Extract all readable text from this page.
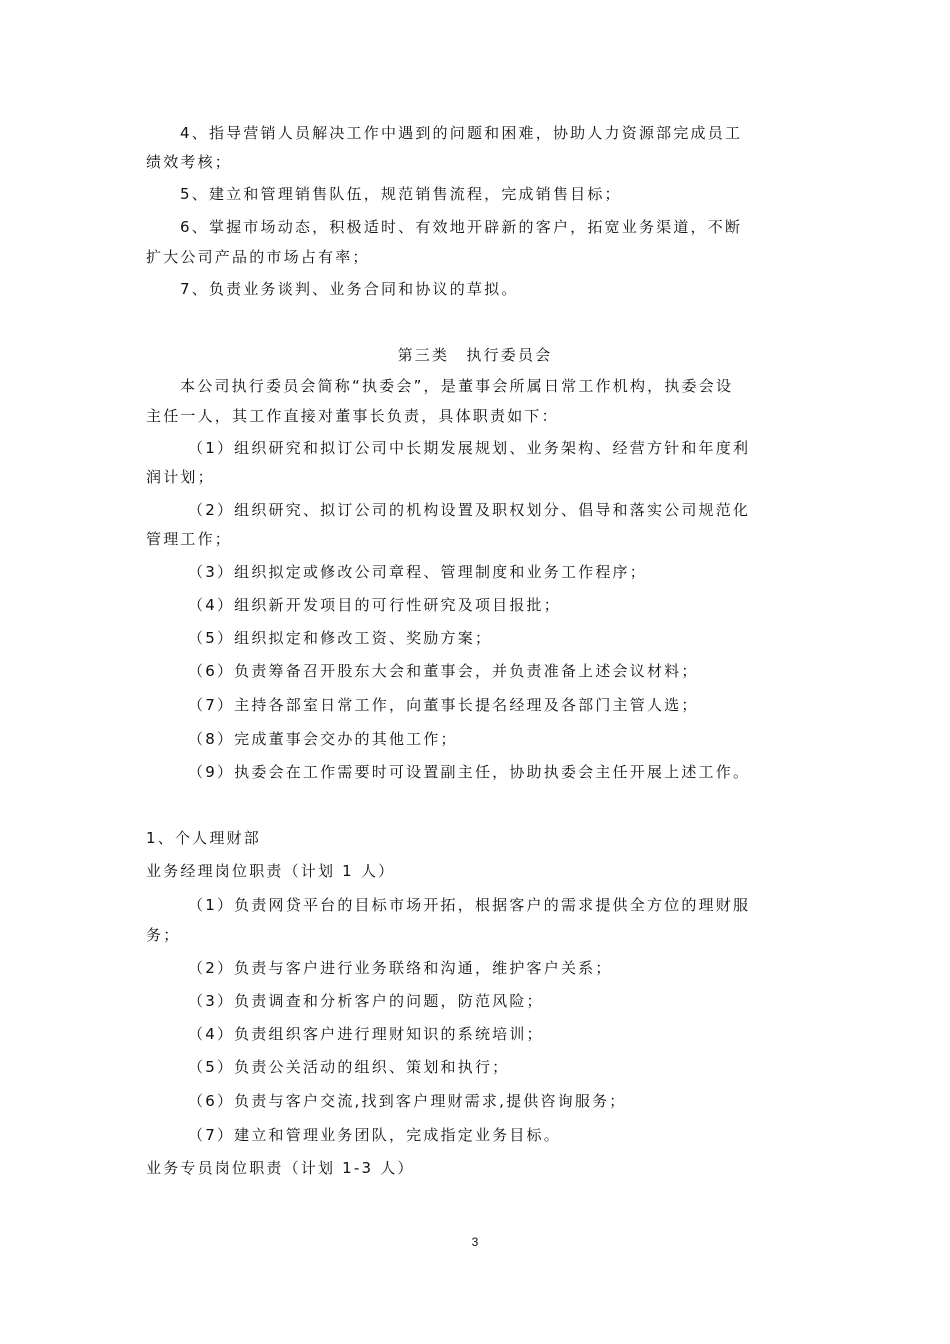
4、指导营销人员解决工作中遇到的问题和困难，协助人力资源部完成员工
绩效考核；
5、建立和管理销售队伍，规范销售流程，完成销售目标；
6、掌握市场动态，积极适时、有效地开辟新的客户，拓宽业务渠道，不断
扩大公司产品的市场占有率；
7、负责业务谈判、业务合同和协议的草拟。
第三类　执行委员会
本公司执行委员会简称“执委会”，是董事会所属日常工作机构，执委会设
主任一人，其工作直接对董事长负责，具体职责如下：
（1）组织研究和拟订公司中长期发展规划、业务架构、经营方针和年度利
润计划；
（2）组织研究、拟订公司的机构设置及职权划分、倡导和落实公司规范化
管理工作；
（3）组织拟定或修改公司章程、管理制度和业务工作程序；
（4）组织新开发项目的可行性研究及项目报批；
（5）组织拟定和修改工资、奖励方案；
（6）负责筹备召开股东大会和董事会，并负责准备上述会议材料；
（7）主持各部室日常工作，向董事长提名经理及各部门主管人选；
（8）完成董事会交办的其他工作；
（9）执委会在工作需要时可设置副主任，协助执委会主任开展上述工作。
1、个人理财部
业务经理岗位职责（计划 1 人）
（1）负责网贷平台的目标市场开拓，根据客户的需求提供全方位的理财服
务；
（2）负责与客户进行业务联络和沟通，维护客户关系；
（3）负责调查和分析客户的问题，防范风险；
（4）负责组织客户进行理财知识的系统培训；
（5）负责公关活动的组织、策划和执行；
（6）负责与客户交流,找到客户理财需求,提供咨询服务；
（7）建立和管理业务团队，完成指定业务目标。
业务专员岗位职责（计划 1-3 人）
3
